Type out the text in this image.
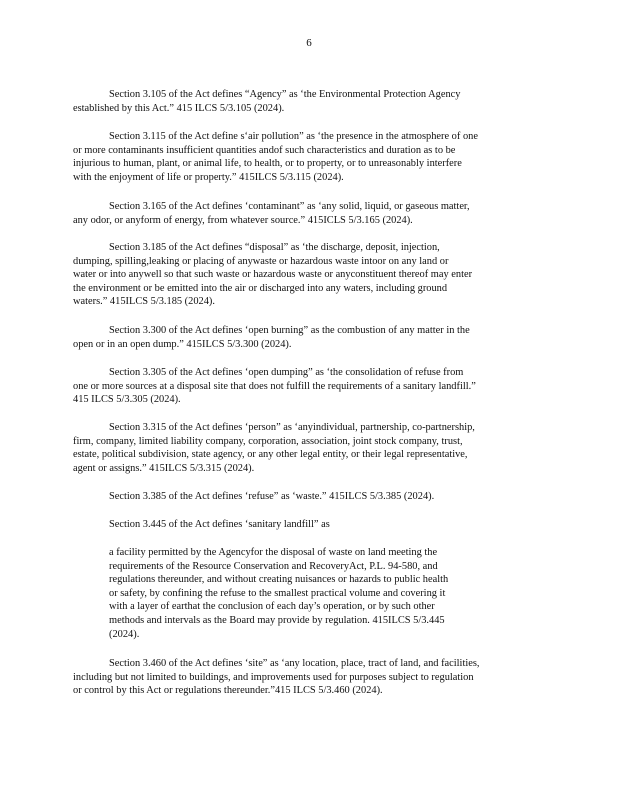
6
Section 3.105 of the Act defines “Agency” as ‘the Environmental Protection Agency
established by this Act.” 415 ILCS 5/3.105 (2024).
Section 3.115 of the Act define s‘air pollution” as ‘the presence in the atmosphere of one
or more contaminants insufficient quantities andof such characteristics and duration as to be
injurious to human, plant, or animal life, to health, or to property, or to unreasonably interfere
with the enjoyment of life or property.” 415ILCS 5/3.115 (2024).
Section 3.165 of the Act defines ‘contaminant” as ‘any solid, liquid, or gaseous matter,
any odor, or anyform of energy, from whatever source.” 415ICLS 5/3.165 (2024).
Section 3.185 of the Act defines “disposal” as ‘the discharge, deposit, injection,
dumping, spilling,leaking or placing of anywaste or hazardous waste intoor on any land or
water or into anywell so that such waste or hazardous waste or anyconstituent thereof may enter
the environment or be emitted into the air or discharged into any waters, including ground
waters.” 415ILCS 5/3.185 (2024).
Section 3.300 of the Act defines ‘open burning” as the combustion of any matter in the
open or in an open dump.” 415ILCS 5/3.300 (2024).
Section 3.305 of the Act defines ‘open dumping” as ‘the consolidation of refuse from
one or more sources at a disposal site that does not fulfill the requirements of a sanitary landfill.”
415 ILCS 5/3.305 (2024).
Section 3.315 of the Act defines ‘person” as ‘anyindividual, partnership, co-partnership,
firm, company, limited liability company, corporation, association, joint stock company, trust,
estate, political subdivision, state agency, or any other legal entity, or their legal representative,
agent or assigns.” 415ILCS 5/3.315 (2024).
Section 3.385 of the Act defines ‘refuse” as ‘waste.” 415ILCS 5/3.385 (2024).
Section 3.445 of the Act defines ‘sanitary landfill” as
a facility permitted by the Agencyfor the disposal of waste on land meeting the
requirements of the Resource Conservation and RecoveryAct, P.L. 94-580, and
regulations thereunder, and without creating nuisances or hazards to public health
or safety, by confining the refuse to the smallest practical volume and covering it
with a layer of earthat the conclusion of each day’s operation, or by such other
methods and intervals as the Board may provide by regulation. 415ILCS 5/3.445
(2024).
Section 3.460 of the Act defines ‘site” as ‘any location, place, tract of land, and facilities,
including but not limited to buildings, and improvements used for purposes subject to regulation
or control by this Act or regulations thereunder.”415 ILCS 5/3.460 (2024).
